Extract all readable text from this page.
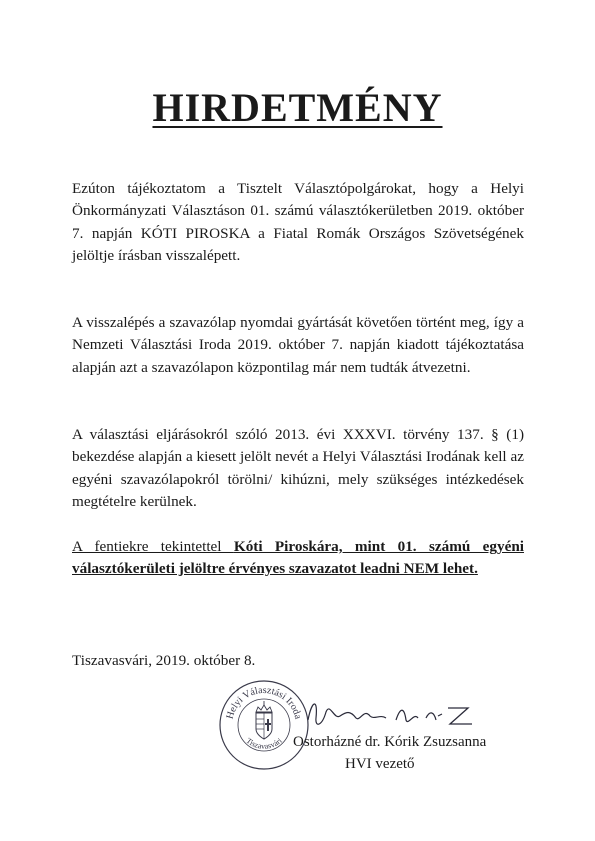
HIRDETMÉNY

Ezúton tájékoztatom a Tisztelt Választópolgárokat, hogy a Helyi Önkormányzati Választáson 01. számú választókerületben 2019. október 7. napján KÓTI PIROSKA a Fiatal Romák Országos Szövetségének jelöltje írásban visszalépett.

A visszalépés a szavazólap nyomdai gyártását követően történt meg, így a Nemzeti Választási Iroda 2019. október 7. napján kiadott tájékoztatása alapján azt a szavazólapon központilag már nem tudták átvezetni.

A választási eljárásokról szóló 2013. évi XXXVI. törvény 137. § (1) bekezdése alapján a kiesett jelölt nevét a Helyi Választási Irodának kell az egyéni szavazólapokról törölni/ kihúzni, mely szükséges intézkedések megtételre kerülnek.

A fentiekre tekintettel Kóti Piroskára, mint 01. számú egyéni választókerületi jelöltre érvényes szavazatot leadni NEM lehet.

Tiszavasvári, 2019. október 8.
Helyi Választási Iroda
Tiszavasvári Ostorházné dr. Kórik Zsuzsanna
HVI vezető
